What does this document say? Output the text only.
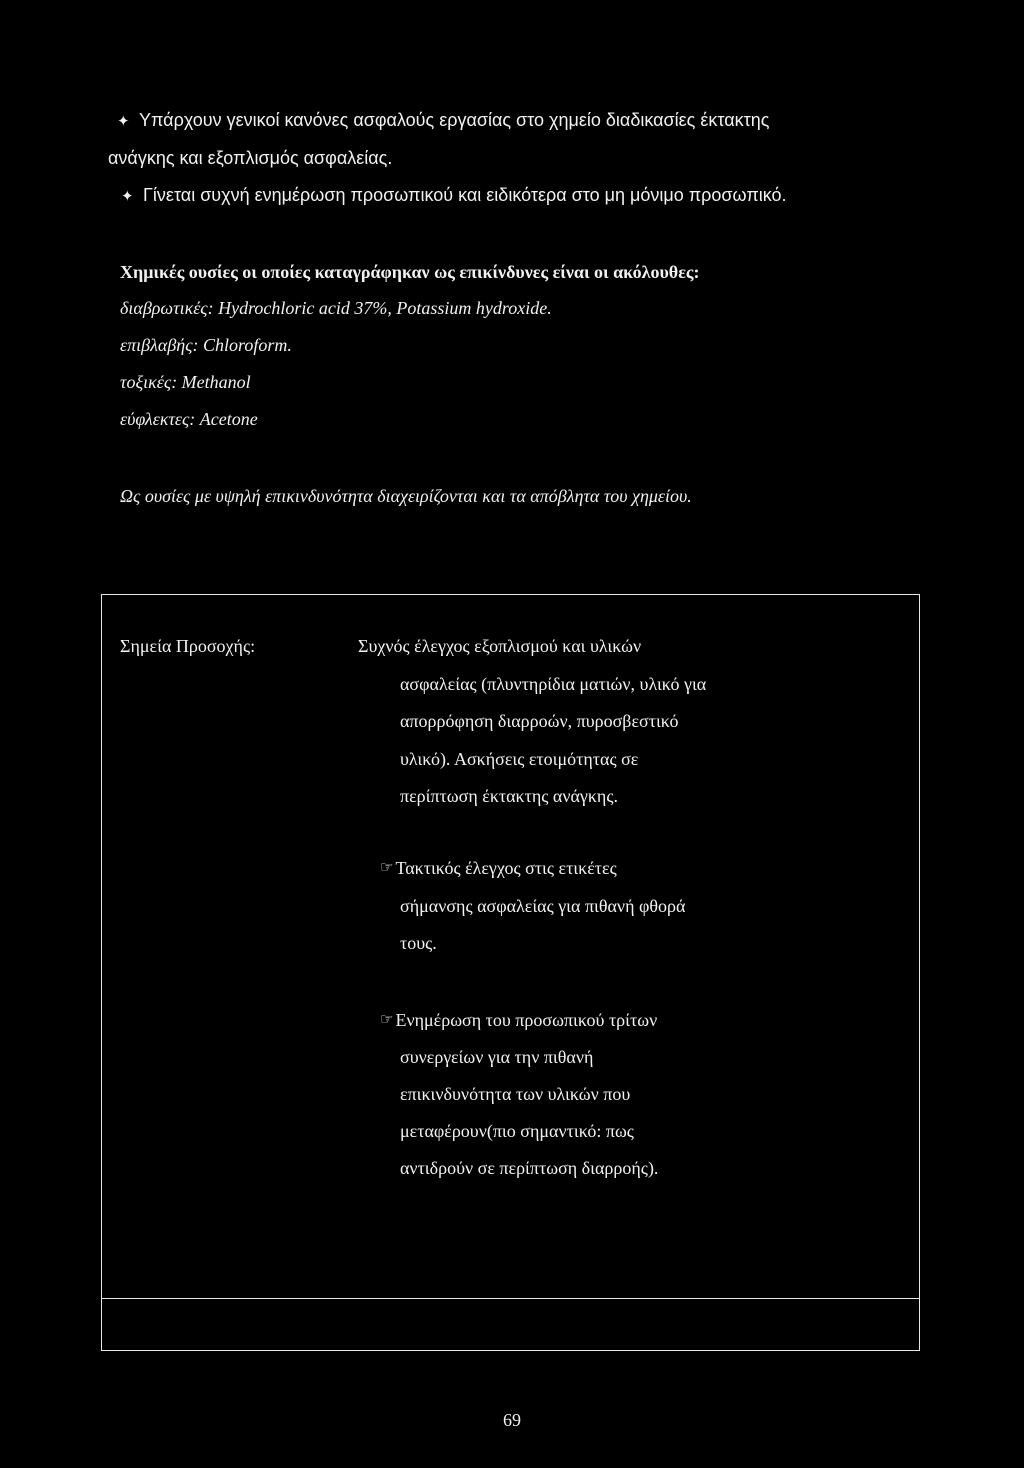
✦ Υπάρχουν γενικοί κανόνες ασφαλούς εργασίας στο χημείο διαδικασίες έκτακτης
ανάγκης και εξοπλισμός ασφαλείας.
✦ Γίνεται συχνή ενημέρωση προσωπικού και ειδικότερα στο μη μόνιμο προσωπικό.
Χημικές ουσίες οι οποίες καταγράφηκαν ως επικίνδυνες είναι οι ακόλουθες:
διαβρωτικές: Hydrochloric acid 37%, Potassium hydroxide.
επιβλαβής: Chloroform.
τοξικές: Methanol
εύφλεκτες: Acetone
Ως ουσίες με υψηλή επικινδυνότητα διαχειρίζονται και τα απόβλητα του χημείου.
Σημεία Προσοχής:	Συχνός έλεγχος εξοπλισμού και υλικών
ασφαλείας (πλυντηρίδια ματιών, υλικό για
απορρόφηση διαρροών, πυροσβεστικό
υλικό). Ασκήσεις ετοιμότητας σε
περίπτωση έκτακτης ανάγκης.
☞ Τακτικός έλεγχος στις ετικέτες
σήμανσης ασφαλείας για πιθανή φθορά
τους.
☞ Ενημέρωση του προσωπικού τρίτων
συνεργείων για την πιθανή
επικινδυνότητα των υλικών που
μεταφέρουν(πιο σημαντικό: πως
αντιδρούν σε περίπτωση διαρροής).
69
